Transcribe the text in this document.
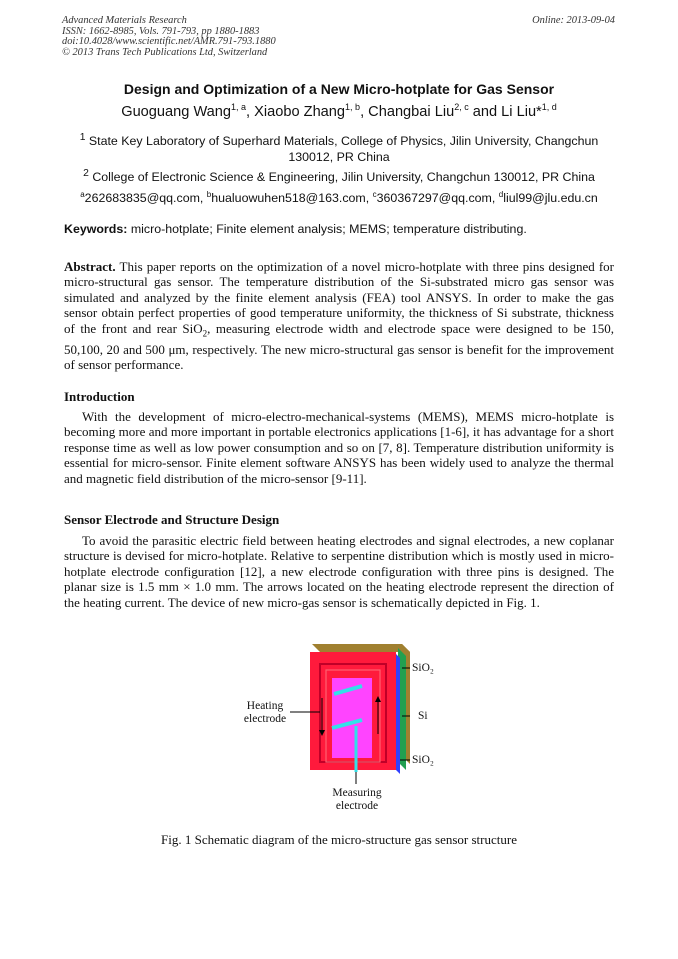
Advanced Materials Research
ISSN: 1662-8985, Vols. 791-793, pp 1880-1883
doi:10.4028/www.scientific.net/AMR.791-793.1880
© 2013 Trans Tech Publications Ltd, Switzerland
Online: 2013-09-04
Design and Optimization of a New Micro-hotplate for Gas Sensor
Guoguang Wang$^{1, a}$, Xiaobo Zhang$^{1, b}$, Changbai Liu$^{2, c}$ and Li Liu*$^{1, d}$
$^1$ State Key Laboratory of Superhard Materials, College of Physics, Jilin University, Changchun 130012, PR China
$^2$ College of Electronic Science & Engineering, Jilin University, Changchun 130012, PR China
$^a$262683835@qq.com, $^b$hualuowuhen518@163.com, $^c$360367297@qq.com, $^d$liul99@jlu.edu.cn
Keywords: micro-hotplate; Finite element analysis; MEMS; temperature distributing.
Abstract. This paper reports on the optimization of a novel micro-hotplate with three pins designed for micro-structural gas sensor. The temperature distribution of the Si-substrated micro gas sensor was simulated and analyzed by the finite element analysis (FEA) tool ANSYS. In order to make the gas sensor obtain perfect properties of good temperature uniformity, the thickness of Si substrate, thickness of the front and rear SiO$_2$, measuring electrode width and electrode space were designed to be 150, 50,100, 20 and 500 μm, respectively. The new micro-structural gas sensor is benefit for the improvement of sensor performance.
Introduction
With the development of micro-electro-mechanical-systems (MEMS), MEMS micro-hotplate is becoming more and more important in portable electronics applications [1-6], it has advantage for a short response time as well as low power consumption and so on [7, 8]. Temperature distribution uniformity is essential for micro-sensor. Finite element software ANSYS has been widely used to analyze the thermal and magnetic field distribution of the micro-sensor [9-11].
Sensor Electrode and Structure Design
To avoid the parasitic electric field between heating electrodes and signal electrodes, a new coplanar structure is devised for micro-hotplate. Relative to serpentine distribution which is mostly used in micro-hotplate electrode configuration [12], a new electrode configuration with three pins is designed. The planar size is 1.5 mm × 1.0 mm. The arrows located on the heating electrode represent the direction of the heating current. The device of new micro-gas sensor is schematically depicted in Fig. 1.
SiO₂
Si
SiO₂
Heating
electrode
Measuring
electrode
Fig. 1 Schematic diagram of the micro-structure gas sensor structure
